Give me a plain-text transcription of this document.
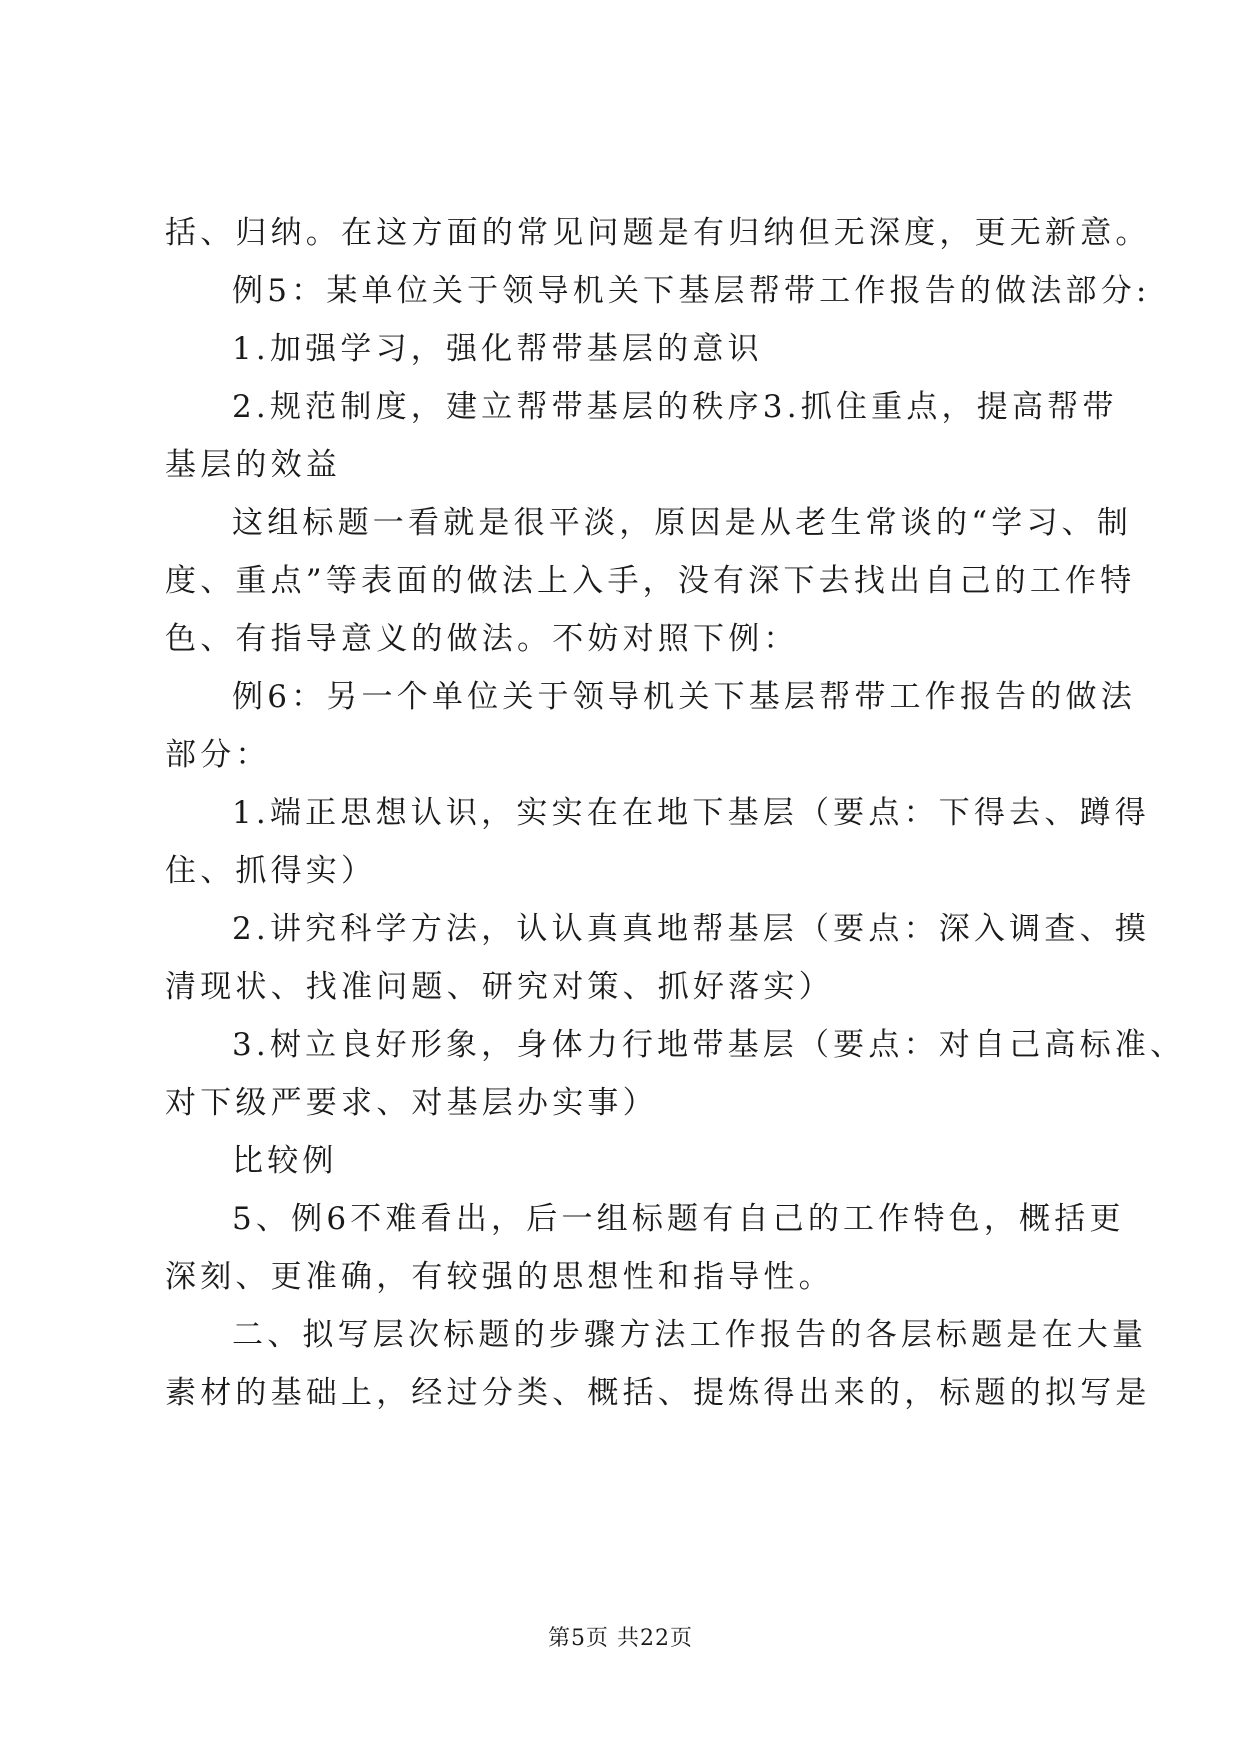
括、归纳。在这方面的常见问题是有归纳但无深度，更无新意。
例5：某单位关于领导机关下基层帮带工作报告的做法部分:
1.加强学习，强化帮带基层的意识
2.规范制度，建立帮带基层的秩序3.抓住重点，提高帮带
基层的效益
这组标题一看就是很平淡，原因是从老生常谈的“学习、制
度、重点”等表面的做法上入手，没有深下去找出自己的工作特
色、有指导意义的做法。不妨对照下例：
例6：另一个单位关于领导机关下基层帮带工作报告的做法
部分：
1.端正思想认识，实实在在地下基层（要点：下得去、蹲得
住、抓得实）
2.讲究科学方法，认认真真地帮基层（要点：深入调查、摸
清现状、找准问题、研究对策、抓好落实）
3.树立良好形象，身体力行地带基层（要点：对自己高标准、
对下级严要求、对基层办实事）
比较例
5、例6不难看出，后一组标题有自己的工作特色，概括更
深刻、更准确，有较强的思想性和指导性。
二、拟写层次标题的步骤方法工作报告的各层标题是在大量
素材的基础上，经过分类、概括、提炼得出来的，标题的拟写是
第5页 共22页
